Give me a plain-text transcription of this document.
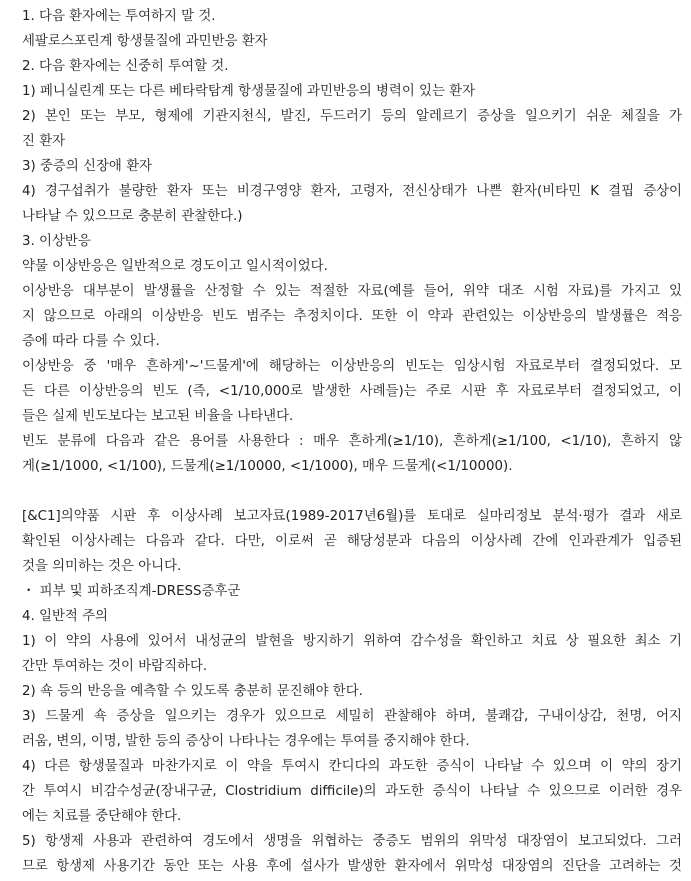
1. 다음 환자에는 투여하지 말 것.
세팔로스포린계 항생물질에 과민반응 환자
2. 다음 환자에는 신중히 투여할 것.
1) 페니실린계 또는 다른 베타락탐계 항생물질에 과민반응의 병력이 있는 환자
2) 본인 또는 부모, 형제에 기관지천식, 발진, 두드러기 등의 알레르기 증상을 일으키기 쉬운 체질을 가
진 환자
3) 중증의 신장애 환자
4) 경구섭취가 불량한 환자 또는 비경구영양 환자, 고령자, 전신상태가 나쁜 환자(비타민 K 결핍 증상이
나타날 수 있으므로 충분히 관찰한다.)
3. 이상반응
약물 이상반응은 일반적으로 경도이고 일시적이었다.
이상반응 대부분이 발생률을 산정할 수 있는 적절한 자료(예를 들어, 위약 대조 시험 자료)를 가지고 있
지 않으므로 아래의 이상반응 빈도 범주는 추정치이다. 또한 이 약과 관련있는 이상반응의 발생률은 적응
증에 따라 다를 수 있다.
이상반응 중 '매우 흔하게'~'드물게'에 해당하는 이상반응의 빈도는 임상시험 자료로부터 결정되었다. 모
든 다른 이상반응의 빈도 (즉, <1/10,000로 발생한 사례들)는 주로 시판 후 자료로부터 결정되었고, 이
들은 실제 빈도보다는 보고된 비율을 나타낸다.
빈도 분류에 다음과 같은 용어를 사용한다 : 매우 흔하게(≥1/10), 흔하게(≥1/100, <1/10), 흔하지 않
게(≥1/1000, <1/100), 드물게(≥1/10000, <1/1000), 매우 드물게(<1/10000).
[&C1]의약품 시판 후 이상사례 보고자료(1989-2017년6월)를 토대로 실마리정보 분석·평가 결과 새로
확인된 이상사례는 다음과 같다. 다만, 이로써 곧 해당성분과 다음의 이상사례 간에 인과관계가 입증된
것을 의미하는 것은 아니다.
・ 피부 및 피하조직계-DRESS증후군
4. 일반적 주의
1) 이 약의 사용에 있어서 내성균의 발현을 방지하기 위하여 감수성을 확인하고 치료 상 필요한 최소 기
간만 투여하는 것이 바람직하다.
2) 쇽 등의 반응을 예측할 수 있도록 충분히 문진해야 한다.
3) 드물게 쇽 증상을 일으키는 경우가 있으므로 세밀히 관찰해야 하며, 불쾌감, 구내이상감, 천명, 어지
러움, 변의, 이명, 발한 등의 증상이 나타나는 경우에는 투여를 중지해야 한다.
4) 다른 항생물질과 마찬가지로 이 약을 투여시 칸디다의 과도한 증식이 나타날 수 있으며 이 약의 장기
간 투여시 비감수성균(장내구균, Clostridium difficile)의 과도한 증식이 나타날 수 있으므로 이러한 경우
에는 치료를 중단해야 한다.
5) 항생제 사용과 관련하여 경도에서 생명을 위협하는 중증도 범위의 위막성 대장염이 보고되었다. 그러
므로 항생제 사용기간 동안 또는 사용 후에 설사가 발생한 환자에서 위막성 대장염의 진단을 고려하는 것
